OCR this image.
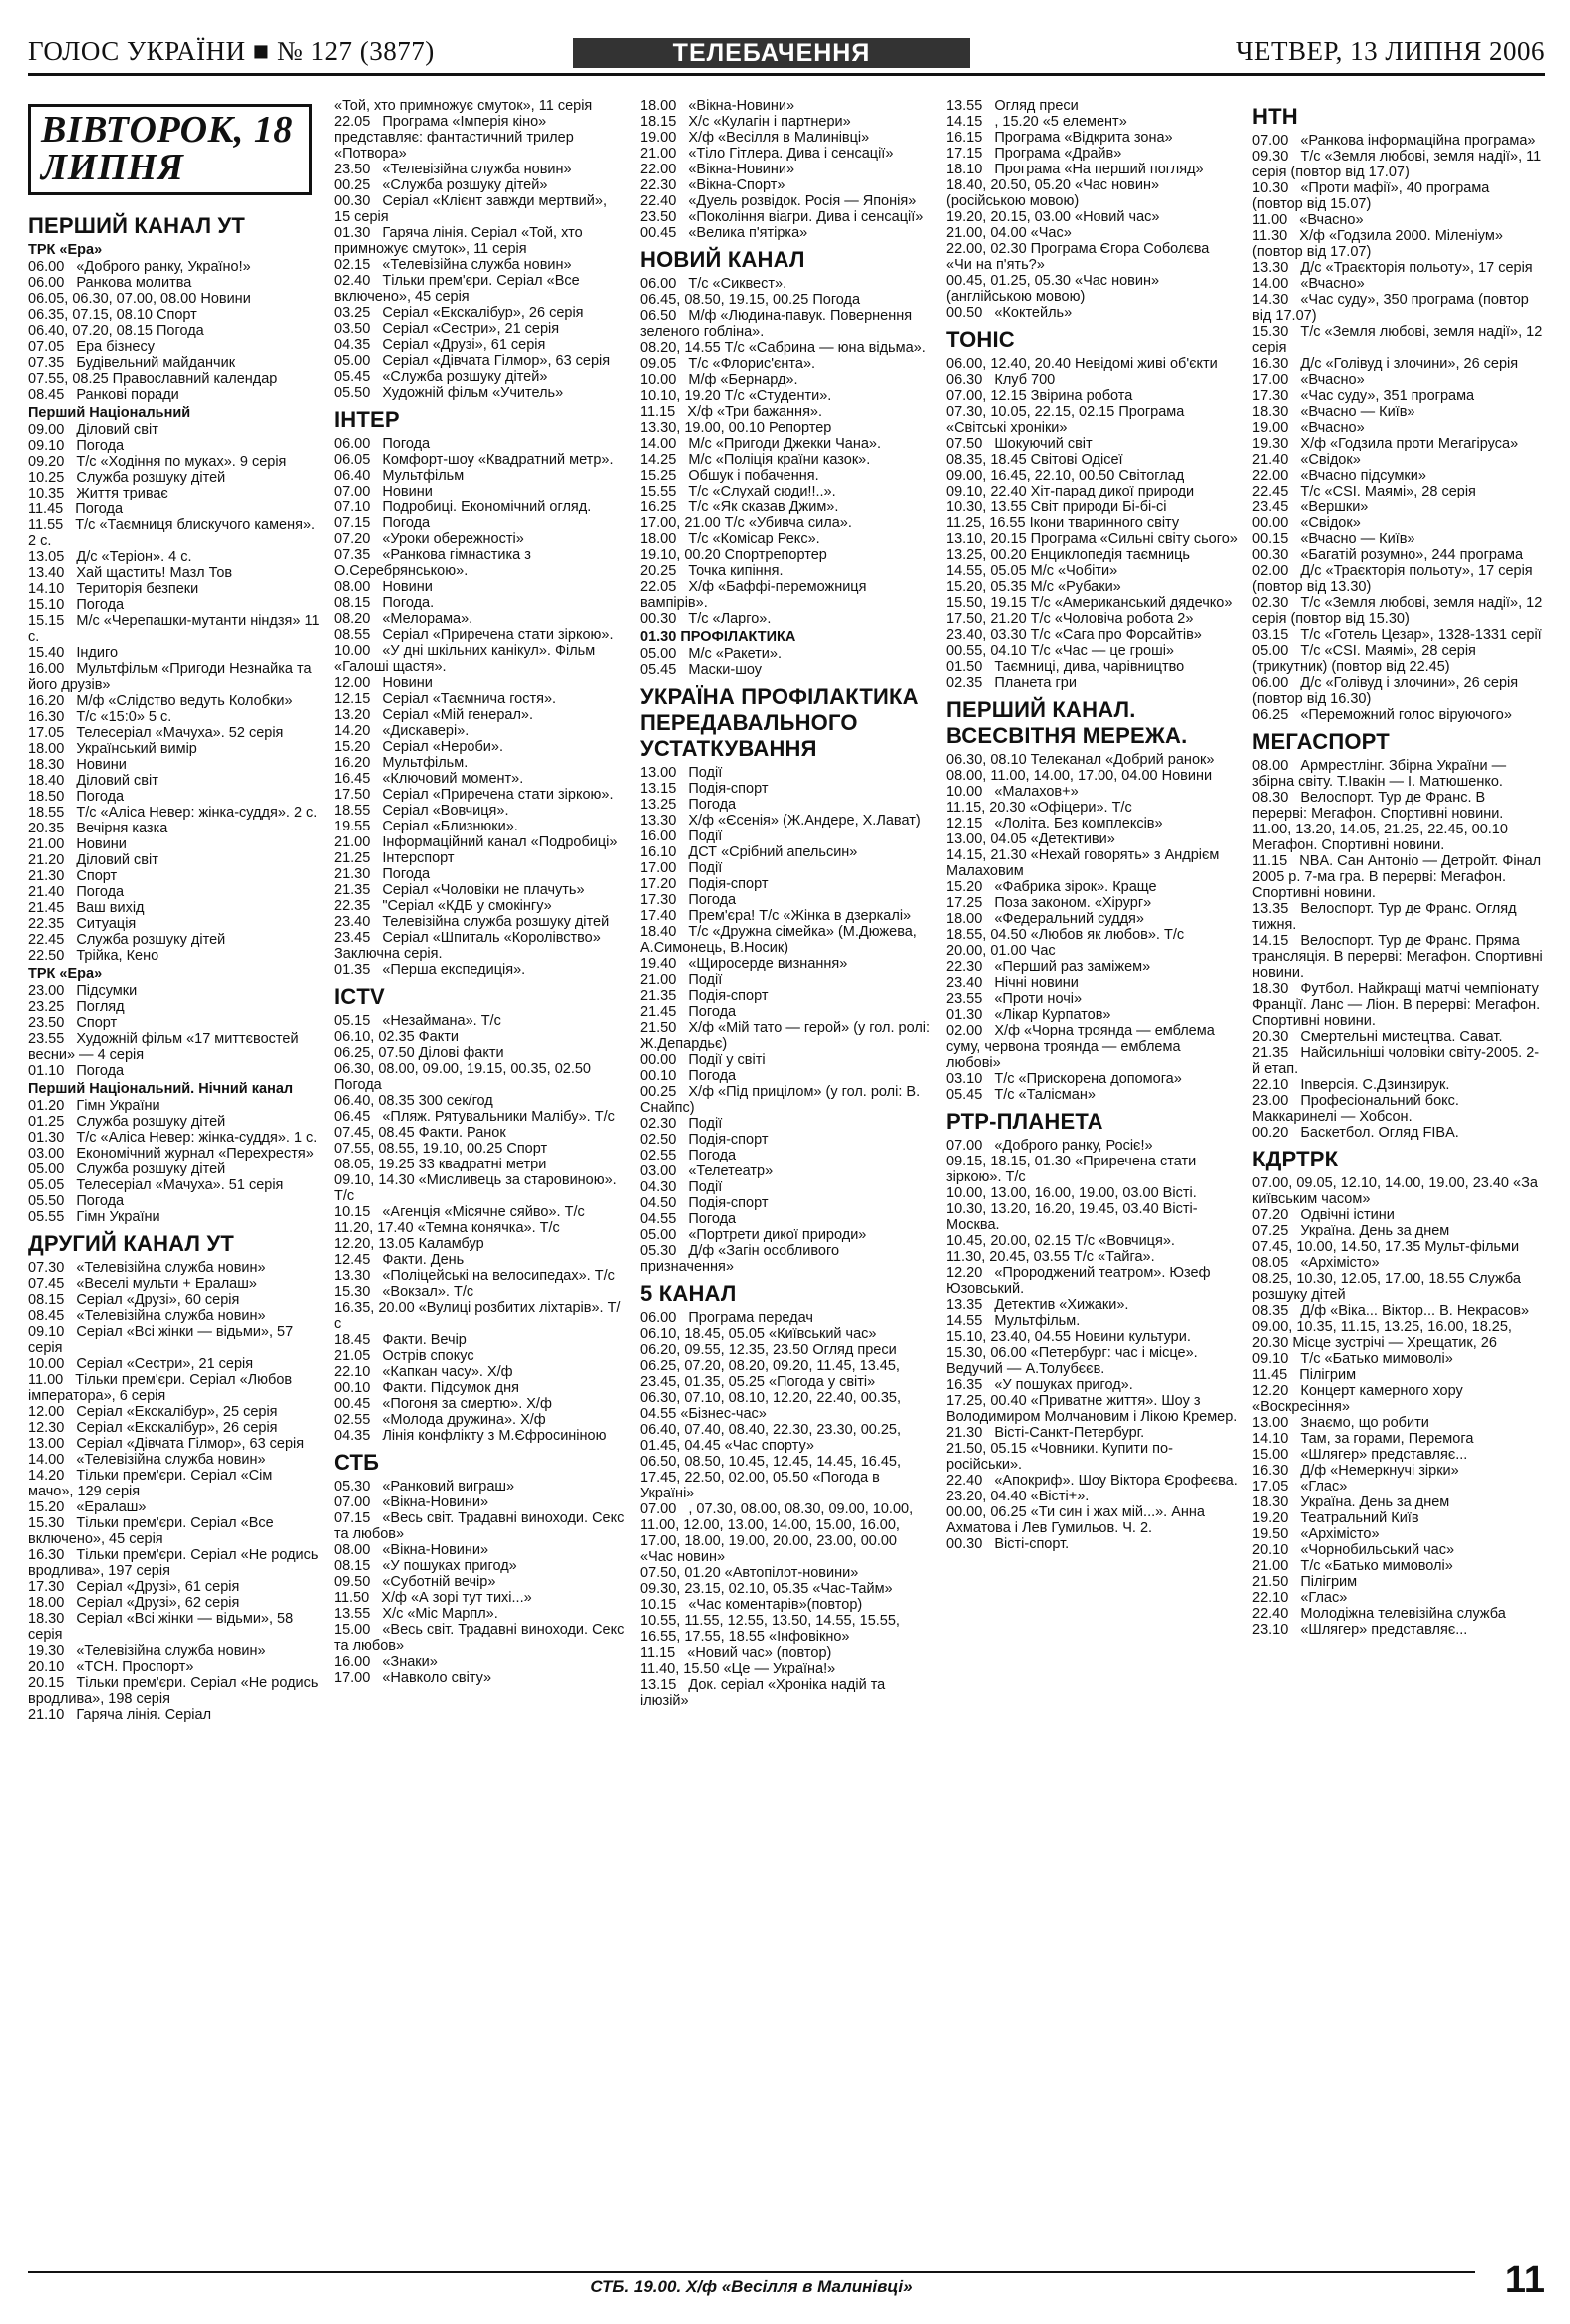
ГОЛОС УКРАЇНИ ■ № 127 (3877)	ТЕЛЕБАЧЕННЯ	ЧЕТВЕР, 13 ЛИПНЯ 2006
ВІВТОРОК, 18 ЛИПНЯ
ПЕРШИЙ КАНАЛ УТ
ТРК «Ера»
06.00   «Доброго ранку, Україно!»
06.00   Ранкова молитва
06.05, 06.30, 07.00, 08.00 Новини
06.35, 07.15, 08.10 Спорт
06.40, 07.20, 08.15 Погода
07.05   Ера бізнесу
07.35   Будівельний майданчик
07.55, 08.25 Православний календар
08.45   Ранкові поради
Перший Національний
09.00   Діловий світ
09.10   Погода
09.20   Т/с «Ходіння по муках». 9 серія
10.25   Служба розшуку дітей
10.35   Життя триває
11.45   Погода
11.55   Т/с «Таємниця блискучого каменя». 2 с.
13.05   Д/с «Теріон». 4 с.
13.40   Хай щастить! Мазл Тов
14.10   Територія безпеки
15.10   Погода
15.15   М/с «Черепашки-мутанти ніндзя» 11 с.
15.40   Індиго
16.00   Мультфільм «Пригоди Незнайка та його друзів»
16.20   М/ф «Слідство ведуть Колобки»
16.30   Т/с «15:0» 5 с.
17.05   Телесеріал «Мачуха». 52 серія
18.00   Український вимір
18.30   Новини
18.40   Діловий світ
18.50   Погода
18.55   Т/с «Аліса Невер: жінка-суддя». 2 с.
20.35   Вечірня казка
21.00   Новини
21.20   Діловий світ
21.30   Спорт
21.40   Погода
21.45   Ваш вихід
22.35   Ситуація
22.45   Служба розшуку дітей
22.50   Трійка, Кено
ТРК «Ера»
23.00   Підсумки
23.25   Погляд
23.50   Спорт
23.55   Художній фільм «17 миттєвостей весни» — 4 серія
01.10   Погода
Перший Національний. Нічний канал
01.20   Гімн України
01.25   Служба розшуку дітей
01.30   Т/с «Аліса Невер: жінка-суддя». 1 с.
03.00   Економічний журнал «Перехрестя»
05.00   Служба розшуку дітей
05.05   Телесеріал «Мачуха». 51 серія
05.50   Погода
05.55   Гімн України
ДРУГИЙ КАНАЛ УТ
07.30   «Телевізійна служба новин»
07.45   «Веселі мульти + Ералаш»
08.15   Серіал «Друзі», 60 серія
08.45   «Телевізійна служба новин»
09.10   Серіал «Всі жінки — відьми», 57 серія
10.00   Серіал «Сестри», 21 серія
11.00   Тільки прем'єри. Серіал «Любов імператора», 6 серія
12.00   Серіал «Екскалібур», 25 серія
12.30   Серіал «Екскалібур», 26 серія
13.00   Серіал «Дівчата Гілмор», 63 серія
14.00   «Телевізійна служба новин»
14.20   Тільки прем'єри. Серіал «Сім мачо», 129 серія
15.20   «Ералаш»
15.30   Тільки прем'єри. Серіал «Все включено», 45 серія
16.30   Тільки прем'єри. Серіал «Не родись вродлива», 197 серія
17.30   Серіал «Друзі», 61 серія
18.00   Серіал «Друзі», 62 серія
18.30   Серіал «Всі жінки — відьми», 58 серія
19.30   «Телевізійна служба новин»
20.10   «ТСН. Проспорт»
20.15   Тільки прем'єри. Серіал «Не родись вродлива», 198 серія
21.10   Гаряча лінія. Серіал
«Той, хто примножує смуток», 11 серія
22.05   Програма «Імперія кіно» представляє: фантастичний трилер «Потвора»
23.50   «Телевізійна служба новин»
00.25   «Служба розшуку дітей»
00.30   Серіал «Клієнт завжди мертвий», 15 серія
01.30   Гаряча лінія. Серіал «Той, хто примножує смуток», 11 серія
02.15   «Телевізійна служба новин»
02.40   Тільки прем'єри. Серіал «Все включено», 45 серія
03.25   Серіал «Екскалібур», 26 серія
03.50   Серіал «Сестри», 21 серія
04.35   Серіал «Друзі», 61 серія
05.00   Серіал «Дівчата Гілмор», 63 серія
05.45   «Служба розшуку дітей»
05.50   Художній фільм «Учитель»
ІНТЕР
06.00   Погода
06.05   Комфорт-шоу «Квадратний метр».
06.40   Мультфільм
07.00   Новини
07.10   Подробиці. Економічний огляд.
07.15   Погода
07.20   «Уроки обережності»
07.35   «Ранкова гімнастика з О.Серебрянською».
08.00   Новини
08.15   Погода.
08.20   «Мелорама».
08.55   Серіал «Приречена стати зіркою».
10.00   «У дні шкільних канікул». Фільм «Галоші щастя».
12.00   Новини
12.15   Серіал «Таємнича гостя».
13.20   Серіал «Мій генерал».
14.20   «Дискавері».
15.20   Серіал «Нероби».
16.20   Мультфільм.
16.45   «Ключовий момент».
17.50   Серіал «Приречена стати зіркою».
18.55   Серіал «Вовчиця».
19.55   Серіал «Близнюки».
21.00   Інформаційний канал «Подробиці»
21.25   Інтерспорт
21.30   Погода
21.35   Серіал «Чоловіки не плачуть»
22.35   "Серіал «КДБ у смокінгу»
23.40   Телевізійна служба розшуку дітей
23.45   Серіал «Шпиталь «Королівство» Заключна серія.
01.35   «Перша експедиція».
ICTV
05.15   «Незаймана». Т/с
06.10, 02.35 Факти
06.25, 07.50 Ділові факти
06.30, 08.00, 09.00, 19.15, 00.35, 02.50 Погода
06.40, 08.35 300 сек/год
06.45   «Пляж. Рятувальники Малібу». Т/с
07.45, 08.45 Факти. Ранок
07.55, 08.55, 19.10, 00.25 Спорт
08.05, 19.25 33 квадратні метри
09.10, 14.30 «Мисливець за старовиною». Т/с
10.15   «Агенція «Місячне сяйво». Т/с
11.20, 17.40 «Темна конячка». Т/с
12.20, 13.05 Каламбур
12.45   Факти. День
13.30   «Поліцейські на велосипедах». Т/с
15.30   «Вокзал». Т/с
16.35, 20.00 «Вулиці розбитих ліхтарів». Т/с
18.45   Факти. Вечір
21.05   Острів спокус
22.10   «Капкан часу». Х/ф
00.10   Факти. Підсумок дня
00.45   «Погоня за смертю». Х/ф
02.55   «Молода дружина». Х/ф
04.35   Лінія конфлікту з М.Єфросиніною
СТБ
05.30   «Ранковий виграш»
07.00   «Вікна-Новини»
07.15   «Весь світ. Традавні виноходи. Секс та любов»
08.00   «Вікна-Новини»
08.15   «У пошуках пригод»
09.50   «Суботній вечір»
11.50   Х/ф «А зорі тут тихі...»
13.55   Х/с «Міс Марпл».
15.00   «Весь світ. Традавні виноходи. Секс та любов»
16.00   «Знаки»
17.00   «Навколо світу»
18.00   «Вікна-Новини»
18.15   Х/с «Кулагін і партнери»
19.00   Х/ф «Весілля в Малинівці»
21.00   «Тіло Гітлера. Дива і сенсації»
22.00   «Вікна-Новини»
22.30   «Вікна-Спорт»
22.40   «Дуель розвідок. Росія — Японія»
23.50   «Покоління віагри. Дива і сенсації»
00.45   «Велика п'ятірка»
НОВИЙ КАНАЛ
06.00   Т/с «Сиквест».
06.45, 08.50, 19.15, 00.25 Погода
06.50   М/ф «Людина-павук. Повернення зеленого гобліна».
08.20, 14.55 Т/с «Сабрина — юна відьма».
09.05   Т/с «Флорис'єнта».
10.00   М/ф «Бернард».
10.10, 19.20 Т/с «Студенти».
11.15   Х/ф «Три бажання».
13.30, 19.00, 00.10 Репортер
14.00   М/с «Пригоди Джекки Чана».
14.25   М/с «Поліція країни казок».
15.25   Обшук і побачення.
15.55   Т/с «Слухай сюди!!..».
16.25   Т/с «Як сказав Джим».
17.00, 21.00 Т/с «Убивча сила».
18.00   Т/с «Комісар Рекс».
19.10, 00.20 Спортрепортер
20.25   Точка кипіння.
22.05   Х/ф «Баффі-переможниця вампірів».
00.30   Т/с «Ларго».
01.30 ПРОФІЛАКТИКА
05.00   М/с «Ракети».
05.45   Маски-шоу
УКРАЇНА ПРОФІЛАКТИКА ПЕРЕДАВАЛЬНОГО УСТАТКУВАННЯ
13.00   Події
13.15   Подія-спорт
13.25   Погода
13.30   Х/ф «Єсенія» (Ж.Андере, Х.Лават)
16.00   Події
16.10   ДСТ «Срібний апельсин»
17.00   Події
17.20   Подія-спорт
17.30   Погода
17.40   Прем'єра! Т/с «Жінка в дзеркалі»
18.40   Т/с «Дружна сімейка» (М.Дюжева, А.Симонець, В.Носик)
19.40   «Щиросерде визнання»
21.00   Події
21.35   Подія-спорт
21.45   Погода
21.50   Х/ф «Мій тато — герой» (у гол. ролі: Ж.Депардьє)
00.00   Події у світі
00.10   Погода
00.25   Х/ф «Під прицілом» (у гол. ролі: В. Снайпс)
02.30   Події
02.50   Подія-спорт
02.55   Погода
03.00   «Телетеатр»
04.30   Події
04.50   Подія-спорт
04.55   Погода
05.00   «Портрети дикої природи»
05.30   Д/ф «Загін особливого призначення»
5 КАНАЛ
06.00   Програма передач
06.10, 18.45, 05.05 «Київський час»
06.20, 09.55, 12.35, 23.50 Огляд преси
06.25, 07.20, 08.20, 09.20, 11.45, 13.45, 23.45, 01.35, 05.25 «Погода у світі»
06.30, 07.10, 08.10, 12.20, 22.40, 00.35, 04.55 «Бізнес-час»
06.40, 07.40, 08.40, 22.30, 23.30, 00.25, 01.45, 04.45 «Час спорту»
06.50, 08.50, 10.45, 12.45, 14.45, 16.45, 17.45, 22.50, 02.00, 05.50 «Погода в Україні»
07.00   , 07.30, 08.00, 08.30, 09.00, 10.00, 11.00, 12.00, 13.00, 14.00, 15.00, 16.00, 17.00, 18.00, 19.00, 20.00, 23.00, 00.00 «Час новин»
07.50, 01.20 «Автопілот-новини»
09.30, 23.15, 02.10, 05.35 «Час-Тайм»
10.15   «Час коментарів»(повтор)
10.55, 11.55, 12.55, 13.50, 14.55, 15.55, 16.55, 17.55, 18.55 «Інфовікно»
11.15   «Новий час» (повтор)
11.40, 15.50 «Це — Україна!»
13.15   Док. серіал «Хроніка надій та ілюзій»
13.55   Огляд преси
14.15   , 15.20 «5 елемент»
16.15   Програма «Відкрита зона»
17.15   Програма «Драйв»
18.10   Програма «На перший погляд»
18.40, 20.50, 05.20 «Час новин» (російською мовою)
19.20, 20.15, 03.00 «Новий час»
21.00, 04.00 «Час»
22.00, 02.30 Програма Єгора Соболєва «Чи на п'ять?»
00.45, 01.25, 05.30 «Час новин» (англійською мовою)
00.50   «Коктейль»
ТОНІС
06.00, 12.40, 20.40 Невідомі живі об'єкти
06.30   Клуб 700
07.00, 12.15 Звірина робота
07.30, 10.05, 22.15, 02.15 Програма «Світські хроніки»
07.50   Шокуючий світ
08.35, 18.45 Світові Одісеї
09.00, 16.45, 22.10, 00.50 Світоглад
09.10, 22.40 Хіт-парад дикої природи
10.30, 13.55 Світ природи Бі-бі-сі
11.25, 16.55 Ікони тваринного світу
13.10, 20.15 Програма «Сильні світу сього»
13.25, 00.20 Енциклопедія таємниць
14.55, 05.05 М/с «Чобіти»
15.20, 05.35 М/с «Рубаки»
15.50, 19.15 Т/с «Американський дядечко»
17.50, 21.20 Т/с «Чоловіча робота 2»
23.40, 03.30 Т/с «Сага про Форсайтів»
00.55, 04.10 Т/с «Час — це гроші»
01.50   Таємниці, дива, чарівництво
02.35   Планета гри
ПЕРШИЙ КАНАЛ. ВСЕСВІТНЯ МЕРЕЖА.
06.30, 08.10 Телеканал «Добрий ранок»
08.00, 11.00, 14.00, 17.00, 04.00 Новини
10.00   «Малахов+»
11.15, 20.30 «Офіцери». Т/с
12.15   «Лоліта. Без комплексів»
13.00, 04.05 «Детективи»
14.15, 21.30 «Нехай говорять» з Андрієм Малаховим
15.20   «Фабрика зірок». Краще
17.25   Поза законом. «Хірург»
18.00   «Федеральний суддя»
18.55, 04.50 «Любов як любов». Т/с
20.00, 01.00 Час
22.30   «Перший раз заміжем»
23.40   Нічні новини
23.55   «Проти ночі»
01.30   «Лікар Курпатов»
02.00   Х/ф «Чорна троянда — емблема суму, червона троянда — емблема любові»
03.10   Т/с «Прискорена допомога»
05.45   Т/с «Талісман»
РТР-ПЛАНЕТА
07.00   «Доброго ранку, Росіє!»
09.15, 18.15, 01.30 «Приречена стати зіркою». Т/с
10.00, 13.00, 16.00, 19.00, 03.00 Вісті.
10.30, 13.20, 16.20, 19.45, 03.40 Вісті-Москва.
10.45, 20.00, 02.15 Т/с «Вовчиця».
11.30, 20.45, 03.55 Т/с «Тайга».
12.20   «Пророджений театром». Юзеф Юзовський.
13.35   Детектив «Хижаки».
14.55   Мультфільм.
15.10, 23.40, 04.55 Новини культури.
15.30, 06.00 «Петербург: час і місце». Ведучий — А.Толубєєв.
16.35   «У пошуках пригод».
17.25, 00.40 «Приватне життя». Шоу з Володимиром Молчановим і Лікою Кремер.
21.30   Вісті-Санкт-Петербург.
21.50, 05.15 «Човники. Купити по-російськи».
22.40   «Апокриф». Шоу Віктора Єрофеєва.
23.20, 04.40 «Вісті+».
00.00, 06.25 «Ти син і жах мій...». Анна Ахматова і Лев Гумильов. Ч. 2.
00.30   Вісті-спорт.
НТН
07.00   «Ранкова інформаційна програма»
09.30   Т/с «Земля любові, земля надії», 11 серія (повтор від 17.07)
10.30   «Проти мафії», 40 програма (повтор від 15.07)
11.00   «Вчасно»
11.30   Х/ф «Годзила 2000. Міленіум» (повтор від 17.07)
13.30   Д/с «Траєкторія польоту», 17 серія
14.00   «Вчасно»
14.30   «Час суду», 350 програма (повтор від 17.07)
15.30   Т/с «Земля любові, земля надії», 12 серія
16.30   Д/с «Голівуд і злочини», 26 серія
17.00   «Вчасно»
17.30   «Час суду», 351 програма
18.30   «Вчасно — Київ»
19.00   «Вчасно»
19.30   Х/ф «Годзила проти Мегагіруса»
21.40   «Свідок»
22.00   «Вчасно підсумки»
22.45   Т/с «CSI. Маямі», 28 серія
23.45   «Вершки»
00.00   «Свідок»
00.15   «Вчасно — Київ»
00.30   «Багатій розумно», 244 програма
02.00   Д/с «Траєкторія польоту», 17 серія (повтор від 13.30)
02.30   Т/с «Земля любові, земля надії», 12 серія (повтор від 15.30)
03.15   Т/с «Готель Цезар», 1328-1331 серії
05.00   Т/с «CSI. Маямі», 28 серія (трикутник) (повтор від 22.45)
06.00   Д/с «Голівуд і злочини», 26 серія (повтор від 16.30)
06.25   «Переможний голос віруючого»
МЕГАСПОРТ
08.00   Армрестлінг. Збірна України — збірна світу. Т.Івакін — І. Матюшенко.
08.30   Велоспорт. Тур де Франс. В перерві: Мегафон. Спортивні новини.
11.00, 13.20, 14.05, 21.25, 22.45, 00.10 Мегафон. Спортивні новини.
11.15   NBA. Сан Антоніо — Детройт. Фінал 2005 р. 7-ма гра. В перерві: Мегафон. Спортивні новини.
13.35   Велоспорт. Тур де Франс. Огляд тижня.
14.15   Велоспорт. Тур де Франс. Пряма трансляція. В перерві: Мегафон. Спортивні новини.
18.30   Футбол. Найкращі матчі чемпіонату Франції. Ланс — Ліон. В перерві: Мегафон. Спортивні новини.
20.30   Смертельні мистецтва. Сават.
21.35   Найсильніші чоловіки світу-2005. 2-й етап.
22.10   Inверсія. С.Дзинзирук.
23.00   Професіональний бокс. Маккаринелі — Хобсон.
00.20   Баскетбол. Огляд FIBA.
КДРТРК
07.00, 09.05, 12.10, 14.00, 19.00, 23.40 «За київським часом»
07.20   Одвічні істини
07.25   Україна. День за днем
07.45, 10.00, 14.50, 17.35 Мульт-фільми
08.05   «Архімісто»
08.25, 10.30, 12.05, 17.00, 18.55 Служба розшуку дітей
08.35   Д/ф «Віка... Віктор... В. Некрасов»
09.00, 10.35, 11.15, 13.25, 16.00, 18.25, 20.30 Місце зустрічі — Хрещатик, 26
09.10   Т/с «Батько мимоволі»
11.45   Пілігрим
12.20   Концерт камерного хору «Воскресіння»
13.00   Знаємо, що робити
14.10   Там, за горами, Перемога
15.00   «Шлягер» представляє...
16.30   Д/ф «Немеркнучі зірки»
17.05   «Глас»
18.30   Україна. День за днем
19.20   Театральний Київ
19.50   «Архімісто»
20.10   «Чорнобильський час»
21.00   Т/с «Батько мимоволі»
21.50   Пілігрим
22.10   «Глас»
22.40   Молодіжна телевізійна служба
23.10   «Шлягер» представляє...
СТБ. 19.00. Х/ф «Весілля в Малинівці»	11
